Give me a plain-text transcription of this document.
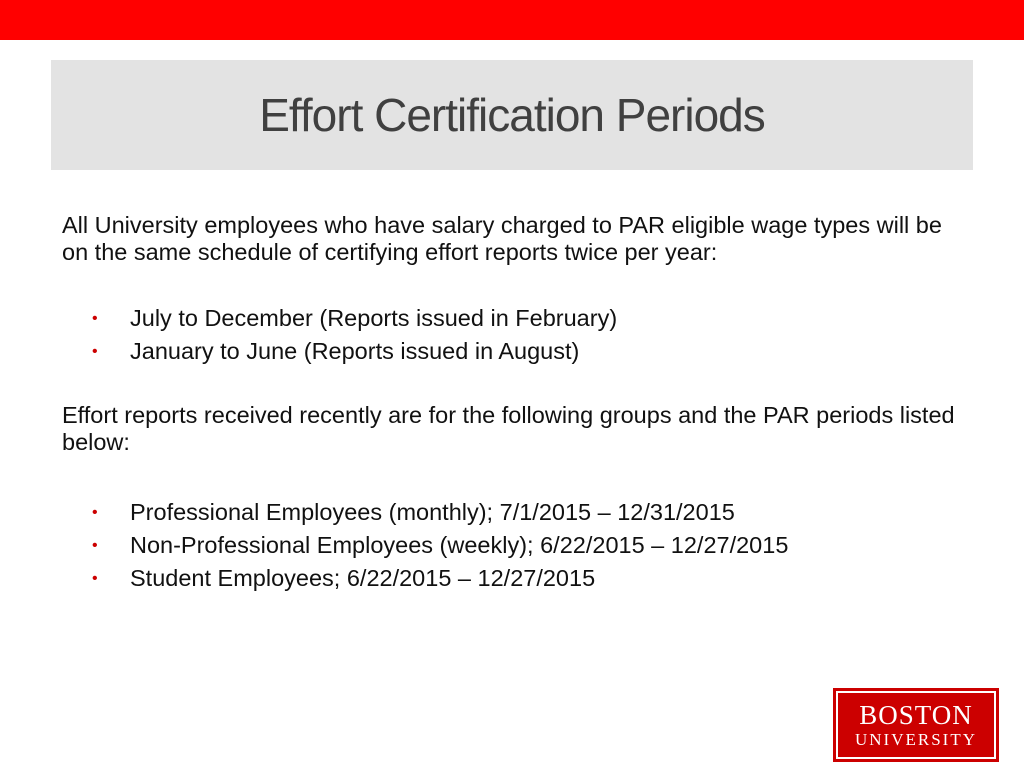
Effort Certification Periods

All University employees who have salary charged to PAR eligible wage types will be on the same schedule of certifying effort reports twice per year:

• July to December (Reports issued in February)
• January to June (Reports issued in August)

Effort reports received recently are for the following groups and the PAR periods listed below:

• Professional Employees (monthly); 7/1/2015 – 12/31/2015
• Non-Professional Employees (weekly); 6/22/2015 – 12/27/2015
• Student Employees; 6/22/2015 – 12/27/2015
BOSTON
UNIVERSITY
